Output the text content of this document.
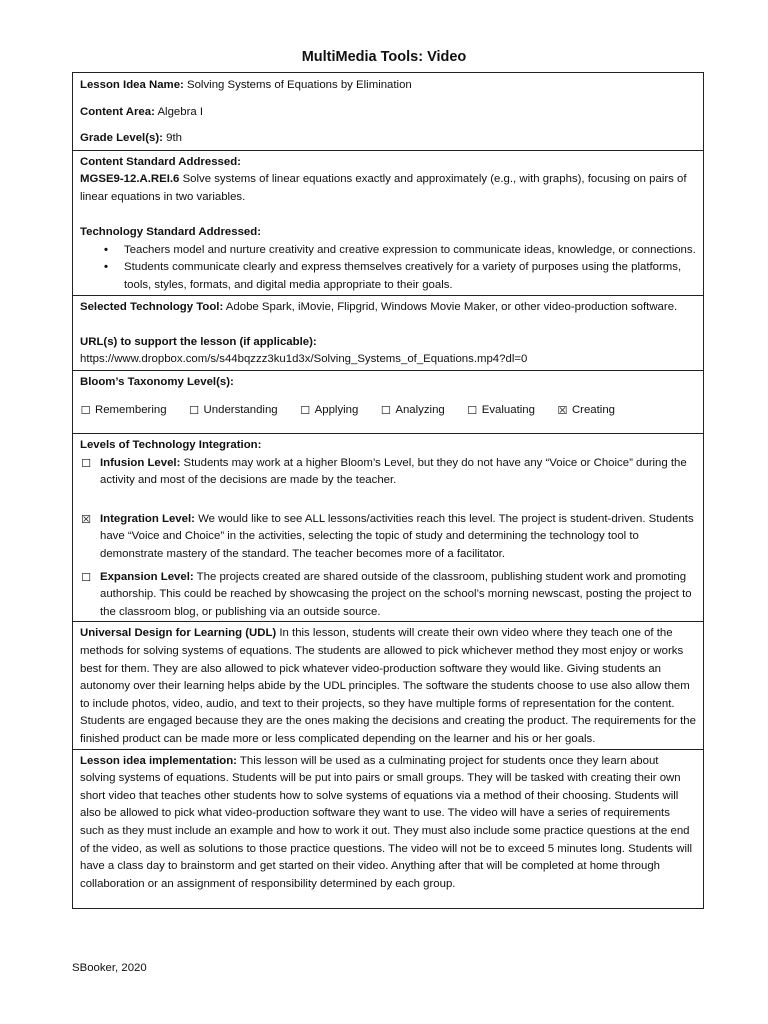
MultiMedia Tools: Video

Lesson Idea Name: Solving Systems of Equations by Elimination

Content Area: Algebra I

Grade Level(s): 9th

Content Standard Addressed:
MGSE9-12.A.REI.6 Solve systems of linear equations exactly and approximately (e.g., with graphs), focusing on pairs of linear equations in two variables.
Technology Standard Addressed:
• Teachers model and nurture creativity and creative expression to communicate ideas, knowledge, or connections.
• Students communicate clearly and express themselves creatively for a variety of purposes using the platforms, tools, styles, formats, and digital media appropriate to their goals.
Selected Technology Tool: Adobe Spark, iMovie, Flipgrid, Windows Movie Maker, or other video-production software.
URL(s) to support the lesson (if applicable):
https://www.dropbox.com/s/s44bqzzz3ku1d3x/Solving_Systems_of_Equations.mp4?dl=0
Bloom’s Taxonomy Level(s):
☐ Remembering ☐ Understanding ☐ Applying ☐ Analyzing ☐ Evaluating ☒ Creating
Levels of Technology Integration:
☐ Infusion Level: Students may work at a higher Bloom’s Level, but they do not have any “Voice or Choice” during the activity and most of the decisions are made by the teacher.
☒ Integration Level: We would like to see ALL lessons/activities reach this level. The project is student-driven. Students have “Voice and Choice” in the activities, selecting the topic of study and determining the technology tool to demonstrate mastery of the standard. The teacher becomes more of a facilitator.
☐ Expansion Level: The projects created are shared outside of the classroom, publishing student work and promoting authorship. This could be reached by showcasing the project on the school’s morning newscast, posting the project to the classroom blog, or publishing via an outside source.
Universal Design for Learning (UDL) In this lesson, students will create their own video where they teach one of the methods for solving systems of equations. The students are allowed to pick whichever method they most enjoy or works best for them. They are also allowed to pick whatever video-production software they would like. Giving students an autonomy over their learning helps abide by the UDL principles. The software the students choose to use also allow them to include photos, video, audio, and text to their projects, so they have multiple forms of representation for the content. Students are engaged because they are the ones making the decisions and creating the product. The requirements for the finished product can be made more or less complicated depending on the learner and his or her goals.
Lesson idea implementation: This lesson will be used as a culminating project for students once they learn about solving systems of equations. Students will be put into pairs or small groups. They will be tasked with creating their own short video that teaches other students how to solve systems of equations via a method of their choosing. Students will also be allowed to pick what video-production software they want to use. The video will have a series of requirements such as they must include an example and how to work it out. They must also include some practice questions at the end of the video, as well as solutions to those practice questions. The video will not be to exceed 5 minutes long. Students will have a class day to brainstorm and get started on their video. Anything after that will be completed at home through collaboration or an assignment of responsibility determined by each group.
SBooker, 2020
